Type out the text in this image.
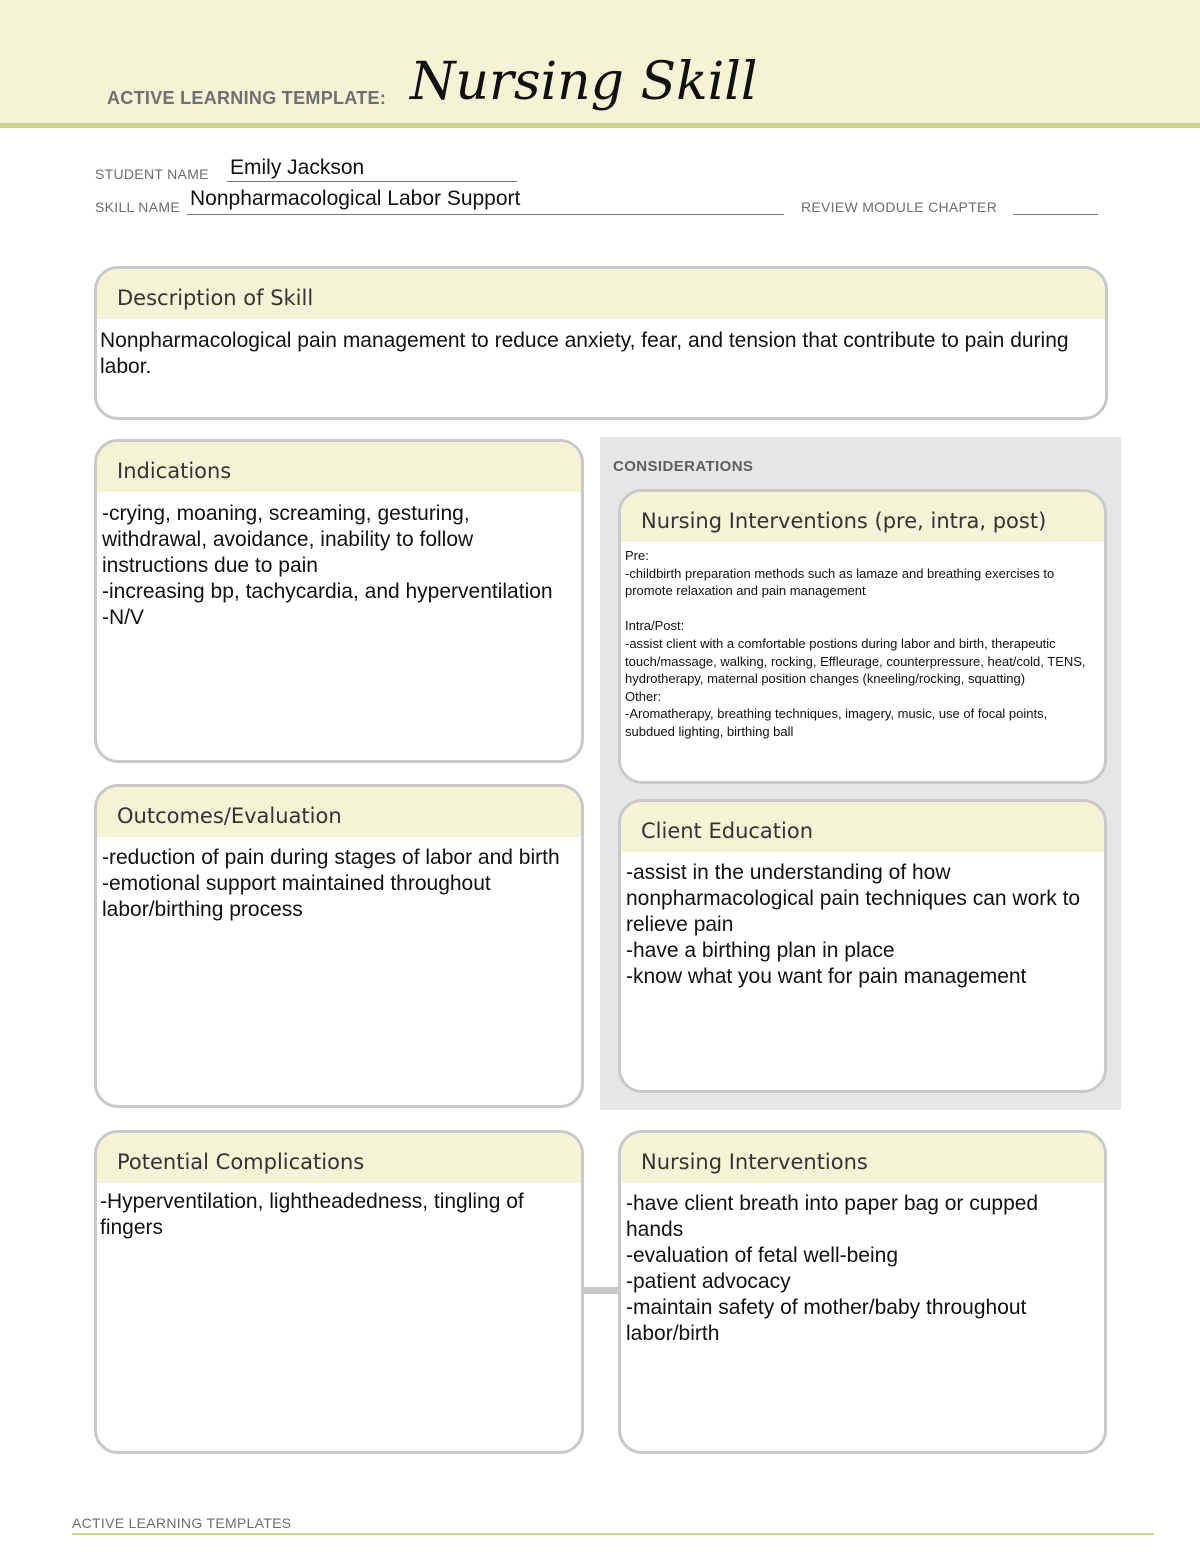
ACTIVE LEARNING TEMPLATE: Nursing Skill
STUDENT NAME Emily Jackson
SKILL NAME Nonpharmacological Labor Support	REVIEW MODULE CHAPTER
Description of Skill
Nonpharmacological pain management to reduce anxiety, fear, and tension that contribute to pain during labor.
Indications
-crying, moaning, screaming, gesturing, withdrawal, avoidance, inability to follow instructions due to pain
-increasing bp, tachycardia, and hyperventilation
-N/V
Outcomes/Evaluation
-reduction of pain during stages of labor and birth
-emotional support maintained throughout labor/birthing process
CONSIDERATIONS
Nursing Interventions (pre, intra, post)
Pre:
-childbirth preparation methods such as lamaze and breathing exercises to promote relaxation and pain management

Intra/Post:
-assist client with a comfortable postions during labor and birth, therapeutic touch/massage, walking, rocking, Effleurage, counterpressure, heat/cold, TENS, hydrotherapy, maternal position changes (kneeling/rocking, squatting)
Other:
-Aromatherapy, breathing techniques, imagery, music, use of focal points, subdued lighting, birthing ball
Client Education
-assist in the understanding of how nonpharmacological pain techniques can work to relieve pain
-have a birthing plan in place
-know what you want for pain management
Potential Complications
-Hyperventilation, lightheadedness, tingling of fingers
Nursing Interventions
-have client breath into paper bag or cupped hands
-evaluation of fetal well-being
-patient advocacy
-maintain safety of mother/baby throughout labor/birth
ACTIVE LEARNING TEMPLATES
